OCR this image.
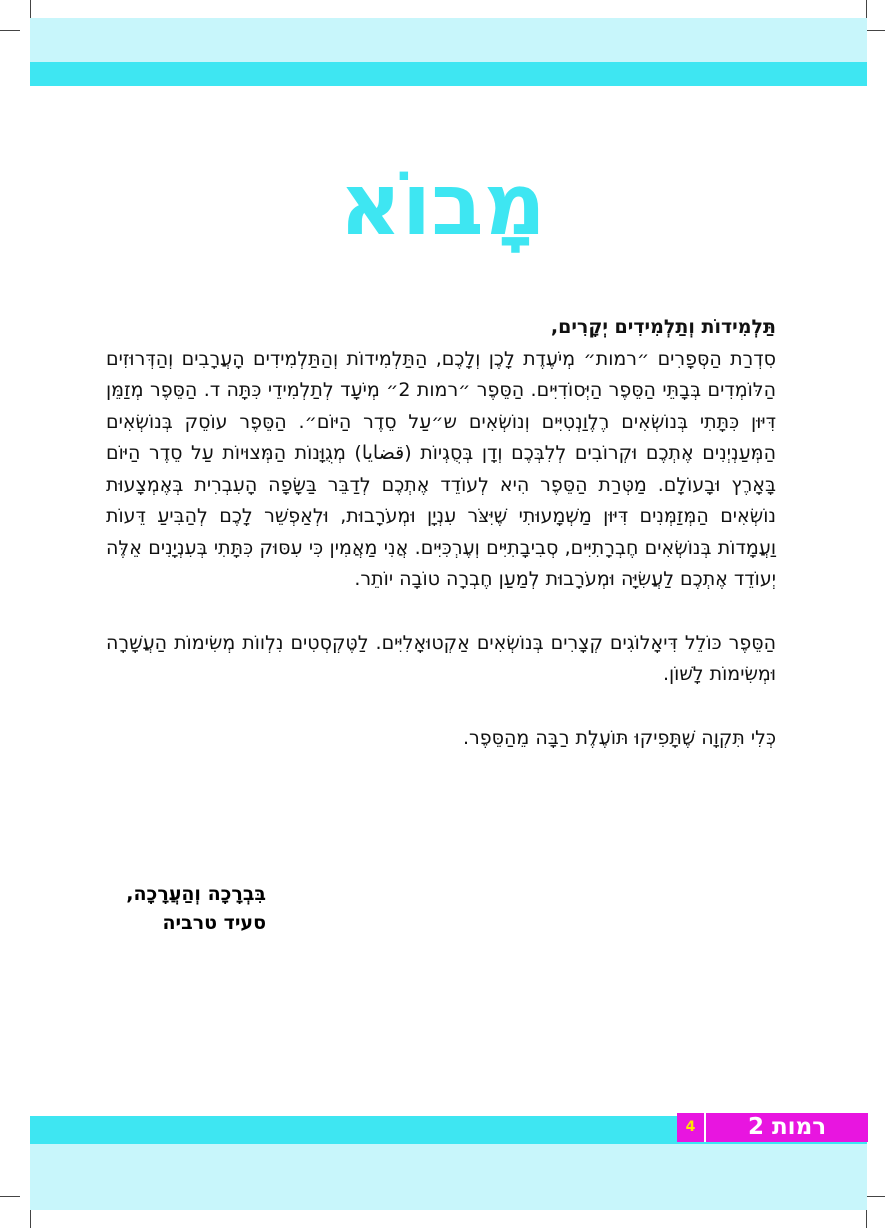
מָבוֹא

תַּלְמִידוֹת וְתַלְמִידִים יְקָרִים,

סִדְרַת הַסְּפָרִים ״רמות״ מְיֹעֶדֶת לָכֶן וְלָכֶם, הַתַּלְמִידוֹת וְהַתַּלְמִידִים הָעֲרָבִים וְהַדְּרוּזִים הַלּוֹמְדִים בְּבָתֵּי הַסֵּפֶר הַיְּסוֹדִיִּים. הַסֵּפֶר ״רמות 2״ מְיֹעָד לְתַלְמִידֵי כִּתָּה ד. הַסֵּפֶר מְזַמֵּן דִּיּוּן כִּתָּתִי בְּנוֹשְׂאִים רֶלֶוַנְטִיִּים וְנוֹשְׂאִים ש״עַל סֵדֶר הַיּוֹם״. הַסֵּפֶר עוֹסֵק בְּנוֹשְׂאִים הַמְּעַנְיְנִים אֶתְכֶם וּקְרוֹבִים לְלִבְּכֶם וְדָן בְּסֻגְיוֹת (قضايا) מְגֻוָּנוֹת הַמְּצוּיוֹת עַל סֵדֶר הַיּוֹם בָּאָרֶץ וּבָעוֹלָם. מַטְּרַת הַסֵּפֶר הִיא לְעוֹדֵד אֶתְכֶם לְדַבֵּר בַּשָּׂפָה הָעִבְרִית בְּאֶמְצָעוּת נוֹשְׂאִים הַמְּזַמְּנִים דִּיּוּן מַשְׁמָעוּתִי שֶׁיִּצֹּר עִנְיָן וּמְעֹרָבוּת, וּלְאַפְשֵׁר לָכֶם לְהַבִּיעַ דֵּעוֹת וַעֲמָדוֹת בְּנוֹשְׂאִים חֶבְרָתִיִּים, סְבִיבָתִיִּים וְעֶרְכִּיִּים. אֲנִי מַאֲמִין כִּי עִסּוּק כִּתָּתִי בְּעִנְיָנִים אֵלֶּה יְעוֹדֵד אֶתְכֶם לַעֲשִׂיָּה וּמְעֹרָבוּת לְמַעַן חֶבְרָה טוֹבָה יוֹתֵר.

הַסֵּפֶר כּוֹלֵל דִּיאָלוֹגִים קְצָרִים בְּנוֹשְׂאִים אַקְטוּאָלִיִּים. לַטֶּקְסְטִים נִלְווֹת מְשִׂימוֹת הַעֲשָׁרָה וּמְשִׂימוֹת לָשׁוֹן.

כְּלִי תִּקְוָה שֶׁתָּפִיקוּ תּוֹעֶלֶת רַבָּה מֵהַסֵּפֶר.

בִּבְרָכָה וְהַעֲרָכָה,
סעיד טרביה
רמות 2
4
